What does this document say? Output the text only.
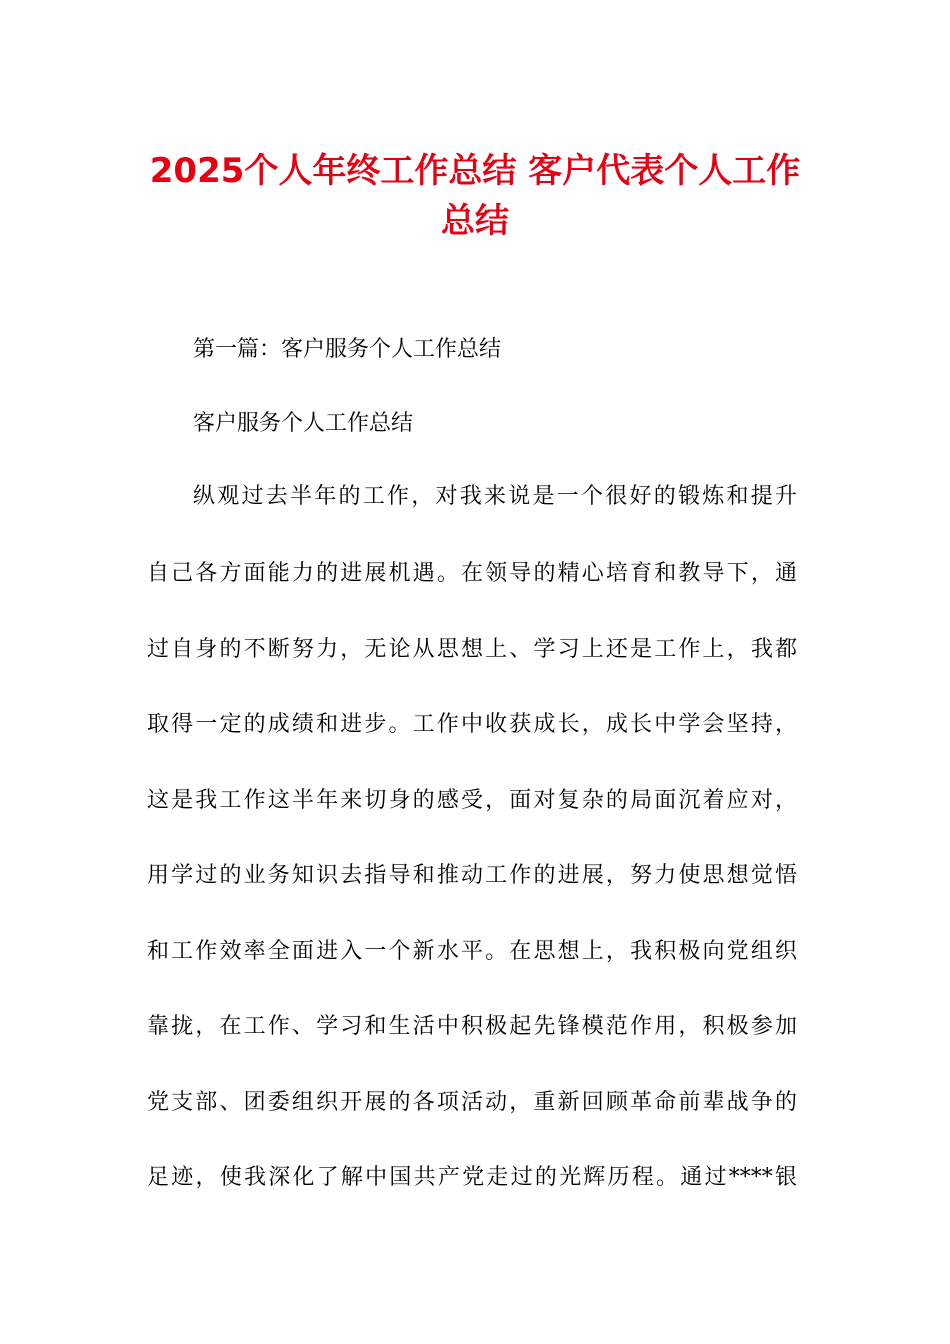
2025个人年终工作总结 客户代表个人工作总结

第一篇：客户服务个人工作总结

客户服务个人工作总结

纵观过去半年的工作，对我来说是一个很好的锻炼和提升
自己各方面能力的进展机遇。在领导的精心培育和教导下，通
过自身的不断努力，无论从思想上、学习上还是工作上，我都
取得一定的成绩和进步。工作中收获成长，成长中学会坚持，
这是我工作这半年来切身的感受，面对复杂的局面沉着应对，
用学过的业务知识去指导和推动工作的进展，努力使思想觉悟
和工作效率全面进入一个新水平。在思想上，我积极向党组织
靠拢，在工作、学习和生活中积极起先锋模范作用，积极参加
党支部、团委组织开展的各项活动，重新回顾革命前辈战争的
足迹，使我深化了解中国共产党走过的光辉历程。通过****银
